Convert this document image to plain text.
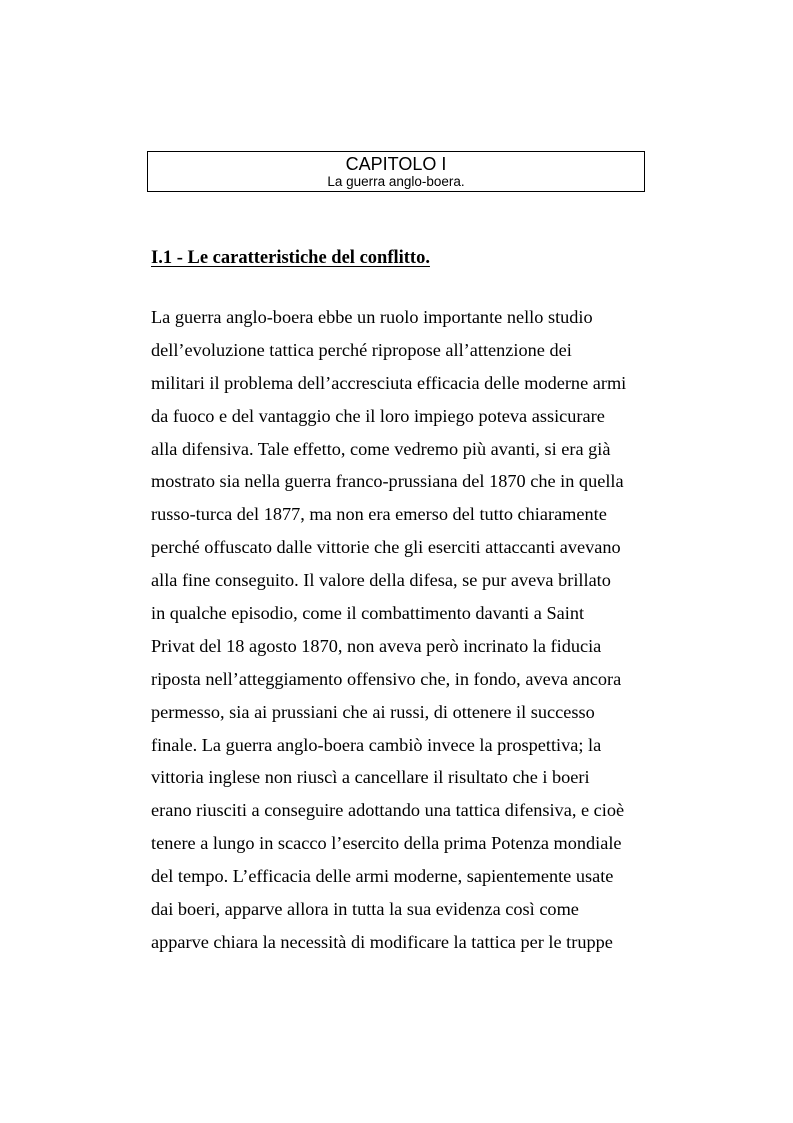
CAPITOLO I
La guerra anglo-boera.
I.1 - Le caratteristiche del conflitto.
La guerra anglo-boera ebbe un ruolo importante nello studio
dell’evoluzione tattica perché ripropose all’attenzione dei
militari il problema dell’accresciuta efficacia delle moderne armi
da fuoco e del vantaggio che il loro impiego poteva assicurare
alla difensiva. Tale effetto, come vedremo più avanti, si era già
mostrato sia nella guerra franco-prussiana del 1870 che in quella
russo-turca del 1877, ma non era emerso del tutto chiaramente
perché offuscato dalle vittorie che gli eserciti attaccanti avevano
alla fine conseguito. Il valore della difesa, se pur aveva brillato
in qualche episodio, come il combattimento davanti a Saint
Privat del 18 agosto 1870, non aveva però incrinato la fiducia
riposta nell’atteggiamento offensivo che, in fondo, aveva ancora
permesso, sia ai prussiani che ai russi, di ottenere il successo
finale. La guerra anglo-boera cambiò invece la prospettiva; la
vittoria inglese non riuscì a cancellare il risultato che i boeri
erano riusciti a conseguire adottando una tattica difensiva, e cioè
tenere a lungo in scacco l’esercito della prima Potenza mondiale
del tempo. L’efficacia delle armi moderne, sapientemente usate
dai boeri, apparve allora in tutta la sua evidenza così come
apparve chiara la necessità di modificare la tattica per le truppe
